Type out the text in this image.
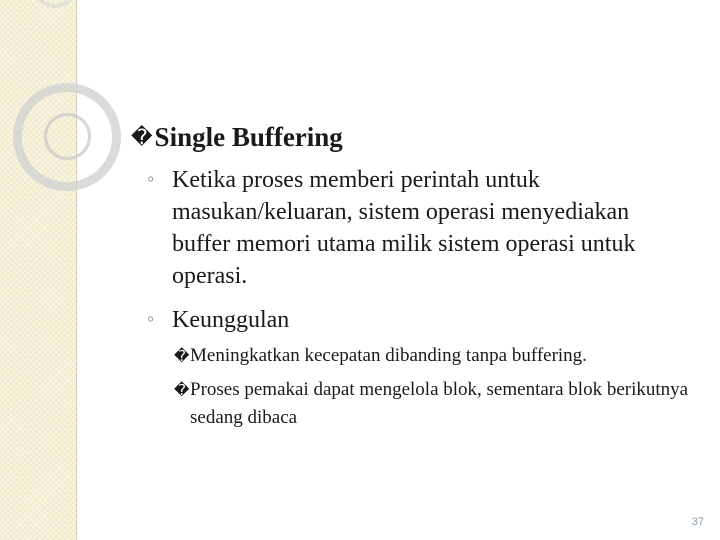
�Single Buffering
◦ Ketika proses memberi perintah untuk masukan/keluaran, sistem operasi menyediakan buffer memori utama milik sistem operasi untuk operasi.
◦ Keunggulan
� Meningkatkan kecepatan dibanding tanpa buffering.
� Proses pemakai dapat mengelola blok, sementara blok berikutnya sedang dibaca
37
